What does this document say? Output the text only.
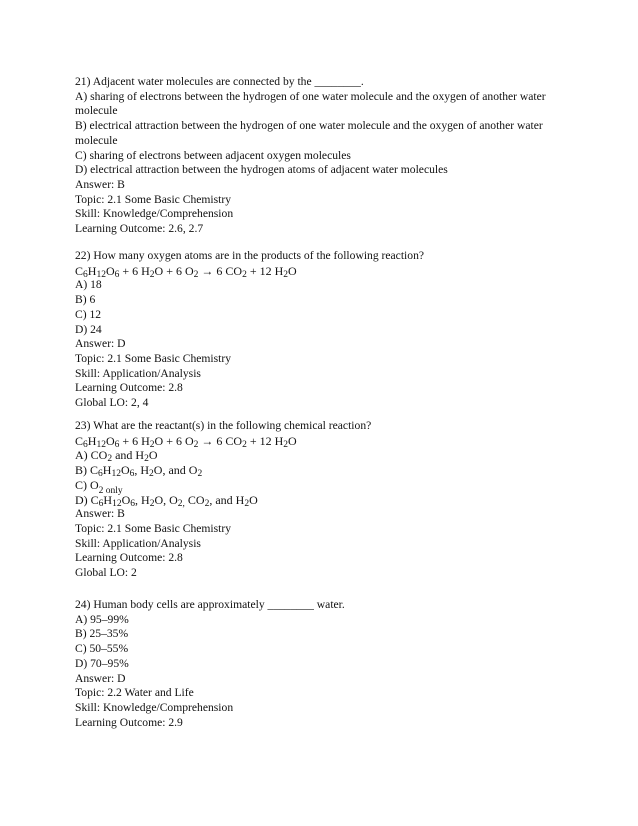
21) Adjacent water molecules are connected by the ________.
A) sharing of electrons between the hydrogen of one water molecule and the oxygen of another water molecule
B) electrical attraction between the hydrogen of one water molecule and the oxygen of another water molecule
C) sharing of electrons between adjacent oxygen molecules
D) electrical attraction between the hydrogen atoms of adjacent water molecules
Answer: B
Topic: 2.1 Some Basic Chemistry
Skill: Knowledge/Comprehension
Learning Outcome: 2.6, 2.7
22) How many oxygen atoms are in the products of the following reaction?
$C_6H_{12}O_6 + 6$ $H_2O + 6$ $O_2 \to 6$ $CO_2 + 12$ $H_2O$
A) 18
B) 6
C) 12
D) 24
Answer: D
Topic: 2.1 Some Basic Chemistry
Skill: Application/Analysis
Learning Outcome: 2.8
Global LO: 2, 4
23) What are the reactant(s) in the following chemical reaction?
$C_6H_{12}O_6 + 6$ $H_2O + 6$ $O_2 \to 6$ $CO_2 + 12$ $H_2O$
A) $CO_2$ and $H_2O$
B) $C_6H_{12}O_6$, $H_2O$, and $O_2$
C) $O_{2 only}$
D) $C_6H_{12}O_6$, $H_2O$, $O_{2,}$ $CO_2$, and $H_2O$
Answer: B
Topic: 2.1 Some Basic Chemistry
Skill: Application/Analysis
Learning Outcome: 2.8
Global LO: 2
24) Human body cells are approximately ________ water.
A) 95–99%
B) 25–35%
C) 50–55%
D) 70–95%
Answer: D
Topic: 2.2 Water and Life
Skill: Knowledge/Comprehension
Learning Outcome: 2.9
